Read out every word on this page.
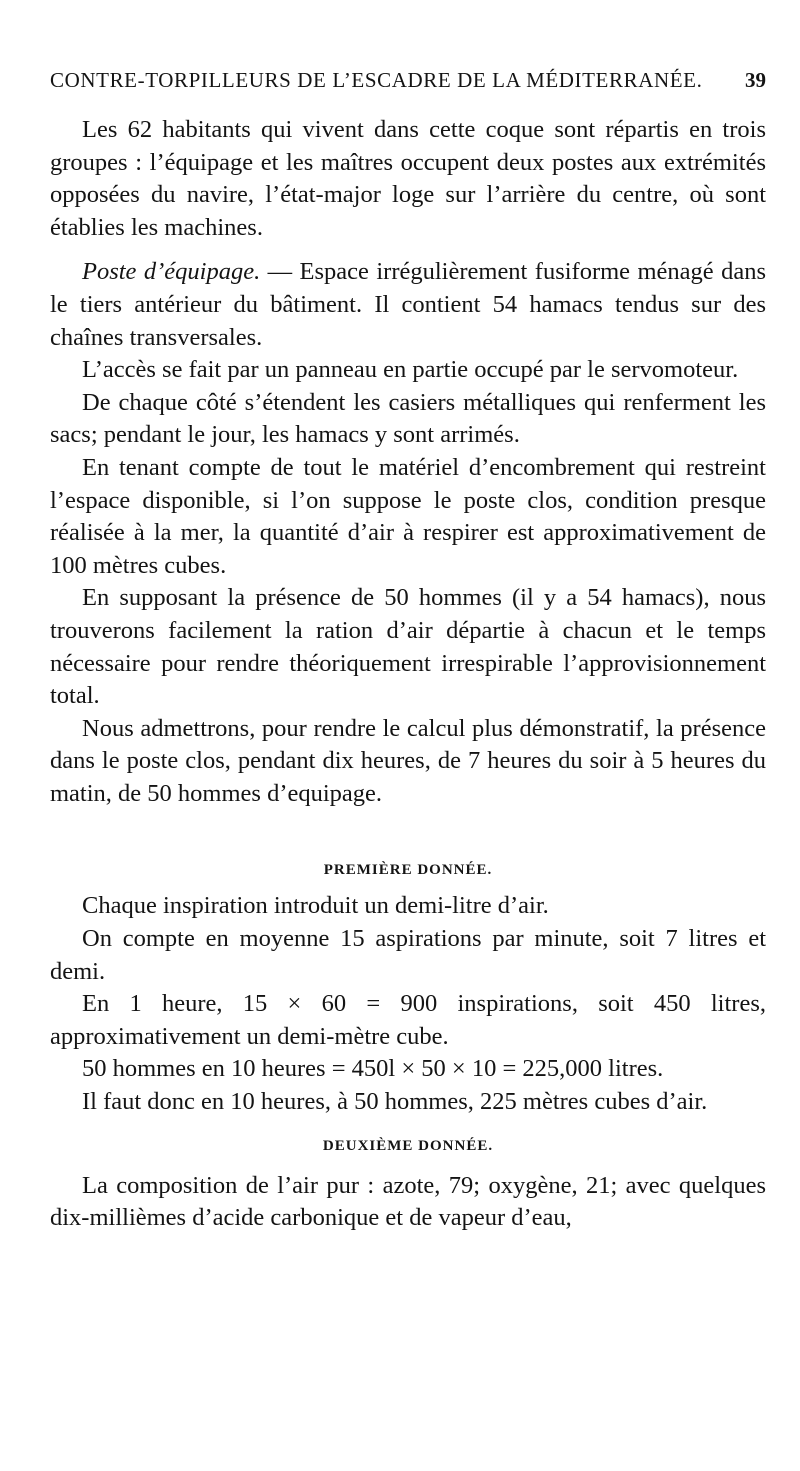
CONTRE-TORPILLEURS DE L’ESCADRE DE LA MÉDITERRANÉE. 39

Les 62 habitants qui vivent dans cette coque sont répartis en trois groupes : l’équipage et les maîtres occupent deux postes aux extrémités opposées du navire, l’état-major loge sur l’arrière du centre, où sont établies les machines.

Poste d’équipage. — Espace irrégulièrement fusiforme ménagé dans le tiers antérieur du bâtiment. Il contient 54 hamacs tendus sur des chaînes transversales.

L’accès se fait par un panneau en partie occupé par le servomoteur.

De chaque côté s’étendent les casiers métalliques qui renferment les sacs; pendant le jour, les hamacs y sont arrimés.

En tenant compte de tout le matériel d’encombrement qui restreint l’espace disponible, si l’on suppose le poste clos, condition presque réalisée à la mer, la quantité d’air à respirer est approximativement de 100 mètres cubes.

En supposant la présence de 50 hommes (il y a 54 hamacs), nous trouverons facilement la ration d’air départie à chacun et le temps nécessaire pour rendre théoriquement irrespirable l’approvisionnement total.

Nous admettrons, pour rendre le calcul plus démonstratif, la présence dans le poste clos, pendant dix heures, de 7 heures du soir à 5 heures du matin, de 50 hommes d’equipage.

PREMIÈRE DONNÉE.

Chaque inspiration introduit un demi-litre d’air.

On compte en moyenne 15 aspirations par minute, soit 7 litres et demi.

En 1 heure, 15 × 60 = 900 inspirations, soit 450 litres, approximativement un demi-mètre cube.

50 hommes en 10 heures = 450l × 50 × 10 = 225,000 litres.

Il faut donc en 10 heures, à 50 hommes, 225 mètres cubes d’air.

DEUXIÈME DONNÉE.

La composition de l’air pur : azote, 79; oxygène, 21; avec quelques dix-millièmes d’acide carbonique et de vapeur d’eau,
